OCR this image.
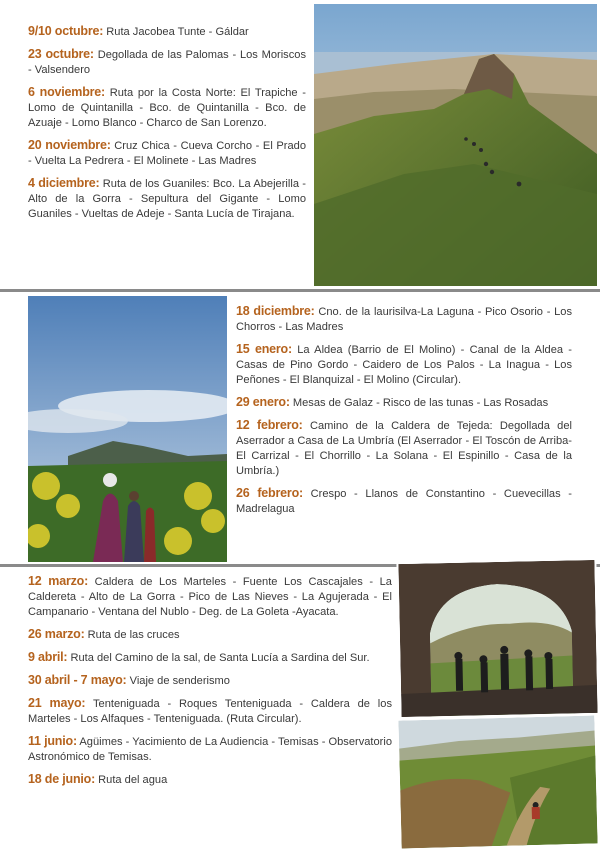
9/10 octubre: Ruta Jacobea Tunte - Gáldar

23 octubre: Degollada de las Palomas - Los Moriscos - Valsendero

6 noviembre: Ruta por la Costa Norte: El Trapiche - Lomo de Quintanilla - Bco. de Quintanilla - Bco. de Azuaje - Lomo Blanco - Charco de San Lorenzo.

20 noviembre: Cruz Chica - Cueva Corcho - El Prado - Vuelta La Pedrera - El Molinete - Las Madres

4 diciembre: Ruta de los Guaniles: Bco. La Abejerilla - Alto de la Gorra - Sepultura del Gigante - Lomo Guaniles - Vueltas de Adeje - Santa Lucía de Tirajana.

18 diciembre: Cno. de la laurisilva-La Laguna - Pico Osorio - Los Chorros - Las Madres

15 enero: La Aldea (Barrio de El Molino) - Canal de la Aldea - Casas de Pino Gordo - Caidero de Los Palos - La Inagua - Los Peñones - El Blanquizal - El Molino (Circular).

29 enero: Mesas de Galaz - Risco de las tunas - Las Rosadas

12 febrero: Camino de la Caldera de Tejeda: Degollada del Aserrador a Casa de La Umbría (El Aserrador - El Toscón de Arriba- El Carrizal - El Chorrillo - La Solana - El Espinillo - Casa de la Umbría.)

26 febrero: Crespo - Llanos de Constantino - Cuevecillas - Madrelagua

12 marzo: Caldera de Los Marteles - Fuente Los Cascajales - La Caldereta - Alto de La Gorra - Pico de Las Nieves - La Agujerada - El Campanario - Ventana del Nublo - Deg. de La Goleta -Ayacata.

26 marzo: Ruta de las cruces

9 abril: Ruta del Camino de la sal, de Santa Lucía a Sardina del Sur.

30 abril - 7 mayo: Viaje de senderismo

21 mayo: Tenteniguada - Roques Tenteniguada - Caldera de los Marteles - Los Alfaques - Tenteniguada. (Ruta Circular).

11 junio: Agüimes - Yacimiento de La Audiencia - Temisas - Observatorio Astronómico de Temisas.

18 de junio: Ruta del agua
